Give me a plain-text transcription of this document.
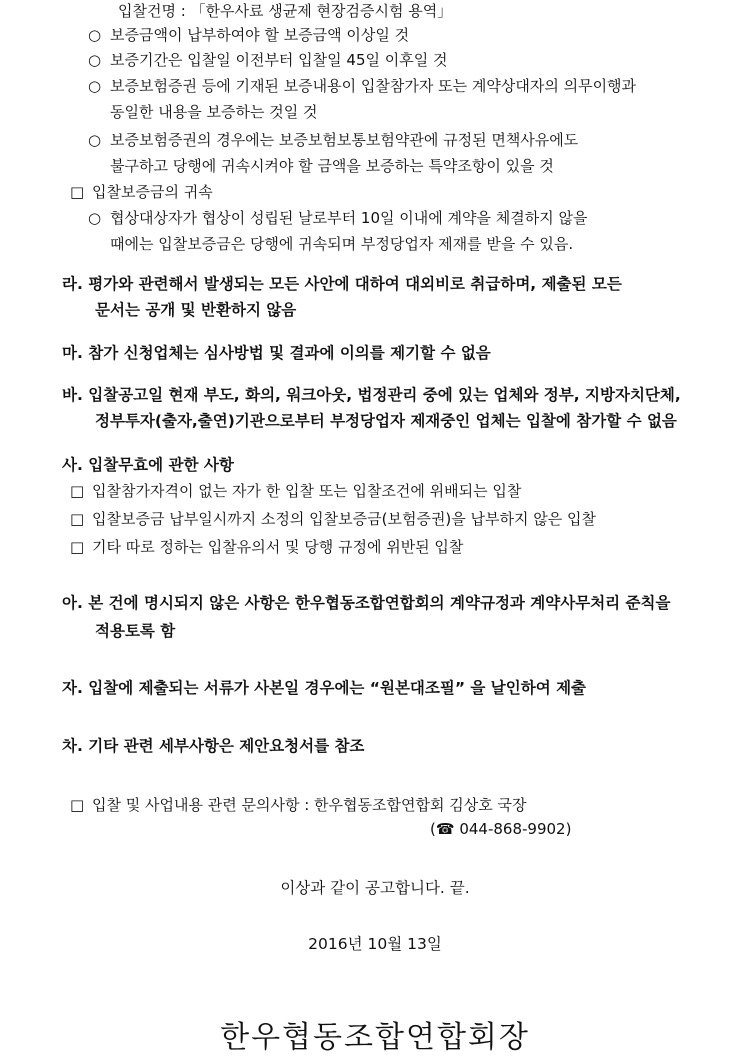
입찰건명 : 「한우사료 생균제 현장검증시험 용역」
○ 보증금액이 납부하여야 할 보증금액 이상일 것
○ 보증기간은 입찰일 이전부터 입찰일 45일 이후일 것
○ 보증보험증권 등에 기재된 보증내용이 입찰참가자 또는 계약상대자의 의무이행과
동일한 내용을 보증하는 것일 것
○ 보증보험증권의 경우에는 보증보험보통보험약관에 규정된 면책사유에도
불구하고 당행에 귀속시켜야 할 금액을 보증하는 특약조항이 있을 것
□ 입찰보증금의 귀속
○ 협상대상자가 협상이 성립된 날로부터 10일 이내에 계약을 체결하지 않을
때에는 입찰보증금은 당행에 귀속되며 부정당업자 제재를 받을 수 있음.
라. 평가와 관련해서 발생되는 모든 사안에 대하여 대외비로 취급하며, 제출된 모든
문서는 공개 및 반환하지 않음
마. 참가 신청업체는 심사방법 및 결과에 이의를 제기할 수 없음
바. 입찰공고일 현재 부도, 화의, 워크아웃, 법정관리 중에 있는 업체와 정부, 지방자치단체,
정부투자(출자,출연)기관으로부터 부정당업자 제재중인 업체는 입찰에 참가할 수 없음
사. 입찰무효에 관한 사항
□ 입찰참가자격이 없는 자가 한 입찰 또는 입찰조건에 위배되는 입찰
□ 입찰보증금 납부일시까지 소정의 입찰보증금(보험증권)을 납부하지 않은 입찰
□ 기타 따로 정하는 입찰유의서 및 당행 규정에 위반된 입찰
아. 본 건에 명시되지 않은 사항은 한우협동조합연합회의 계약규정과 계약사무처리 준칙을
적용토록 함
자. 입찰에 제출되는 서류가 사본일 경우에는 “원본대조필” 을 날인하여 제출
차. 기타 관련 세부사항은 제안요청서를 참조
□ 입찰 및 사업내용 관련 문의사항 : 한우협동조합연합회 김상호 국장
(☎ 044-868-9902)
이상과 같이 공고합니다. 끝.
2016년 10월 13일
한우협동조합연합회장
